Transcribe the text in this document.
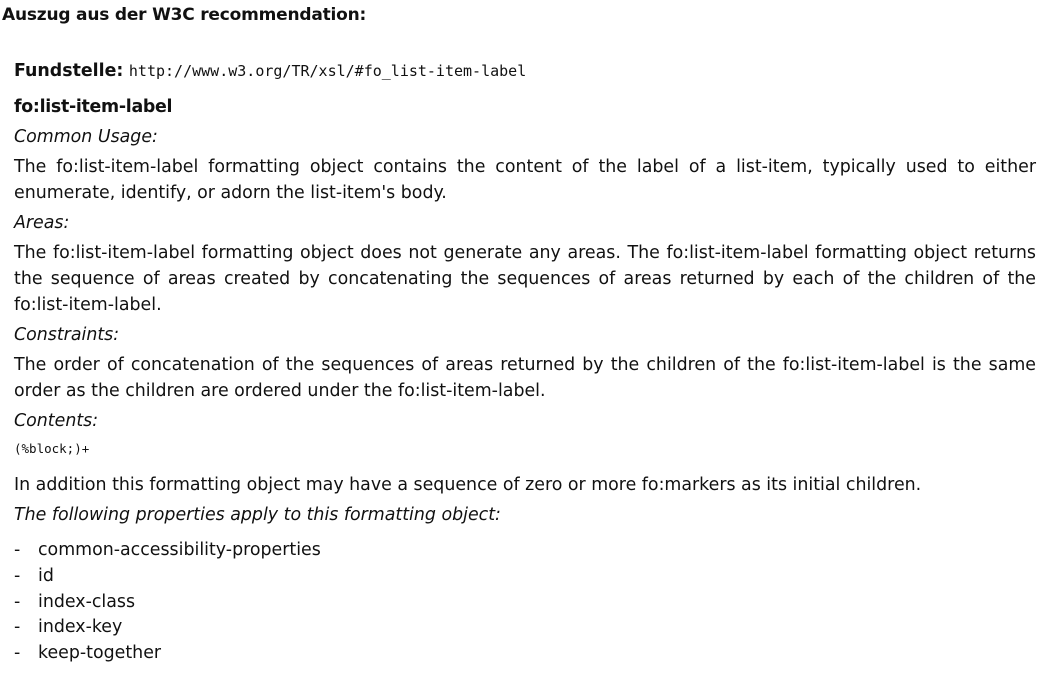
Auszug aus der W3C recommendation:
Fundstelle: http://www.w3.org/TR/xsl/#fo_list-item-label
fo:list-item-label
Common Usage:
The fo:list-item-label formatting object contains the content of the label of a list-item, typically used to either enumerate, identify, or adorn the list-item's body.
Areas:
The fo:list-item-label formatting object does not generate any areas. The fo:list-item-label formatting object returns the sequence of areas created by concatenating the sequences of areas returned by each of the children of the fo:list-item-label.
Constraints:
The order of concatenation of the sequences of areas returned by the children of the fo:list-item-label is the same order as the children are ordered under the fo:list-item-label.
Contents:
(%block;)+
In addition this formatting object may have a sequence of zero or more fo:markers as its initial children.
The following properties apply to this formatting object:
- common-accessibility-properties
- id
- index-class
- index-key
- keep-together
